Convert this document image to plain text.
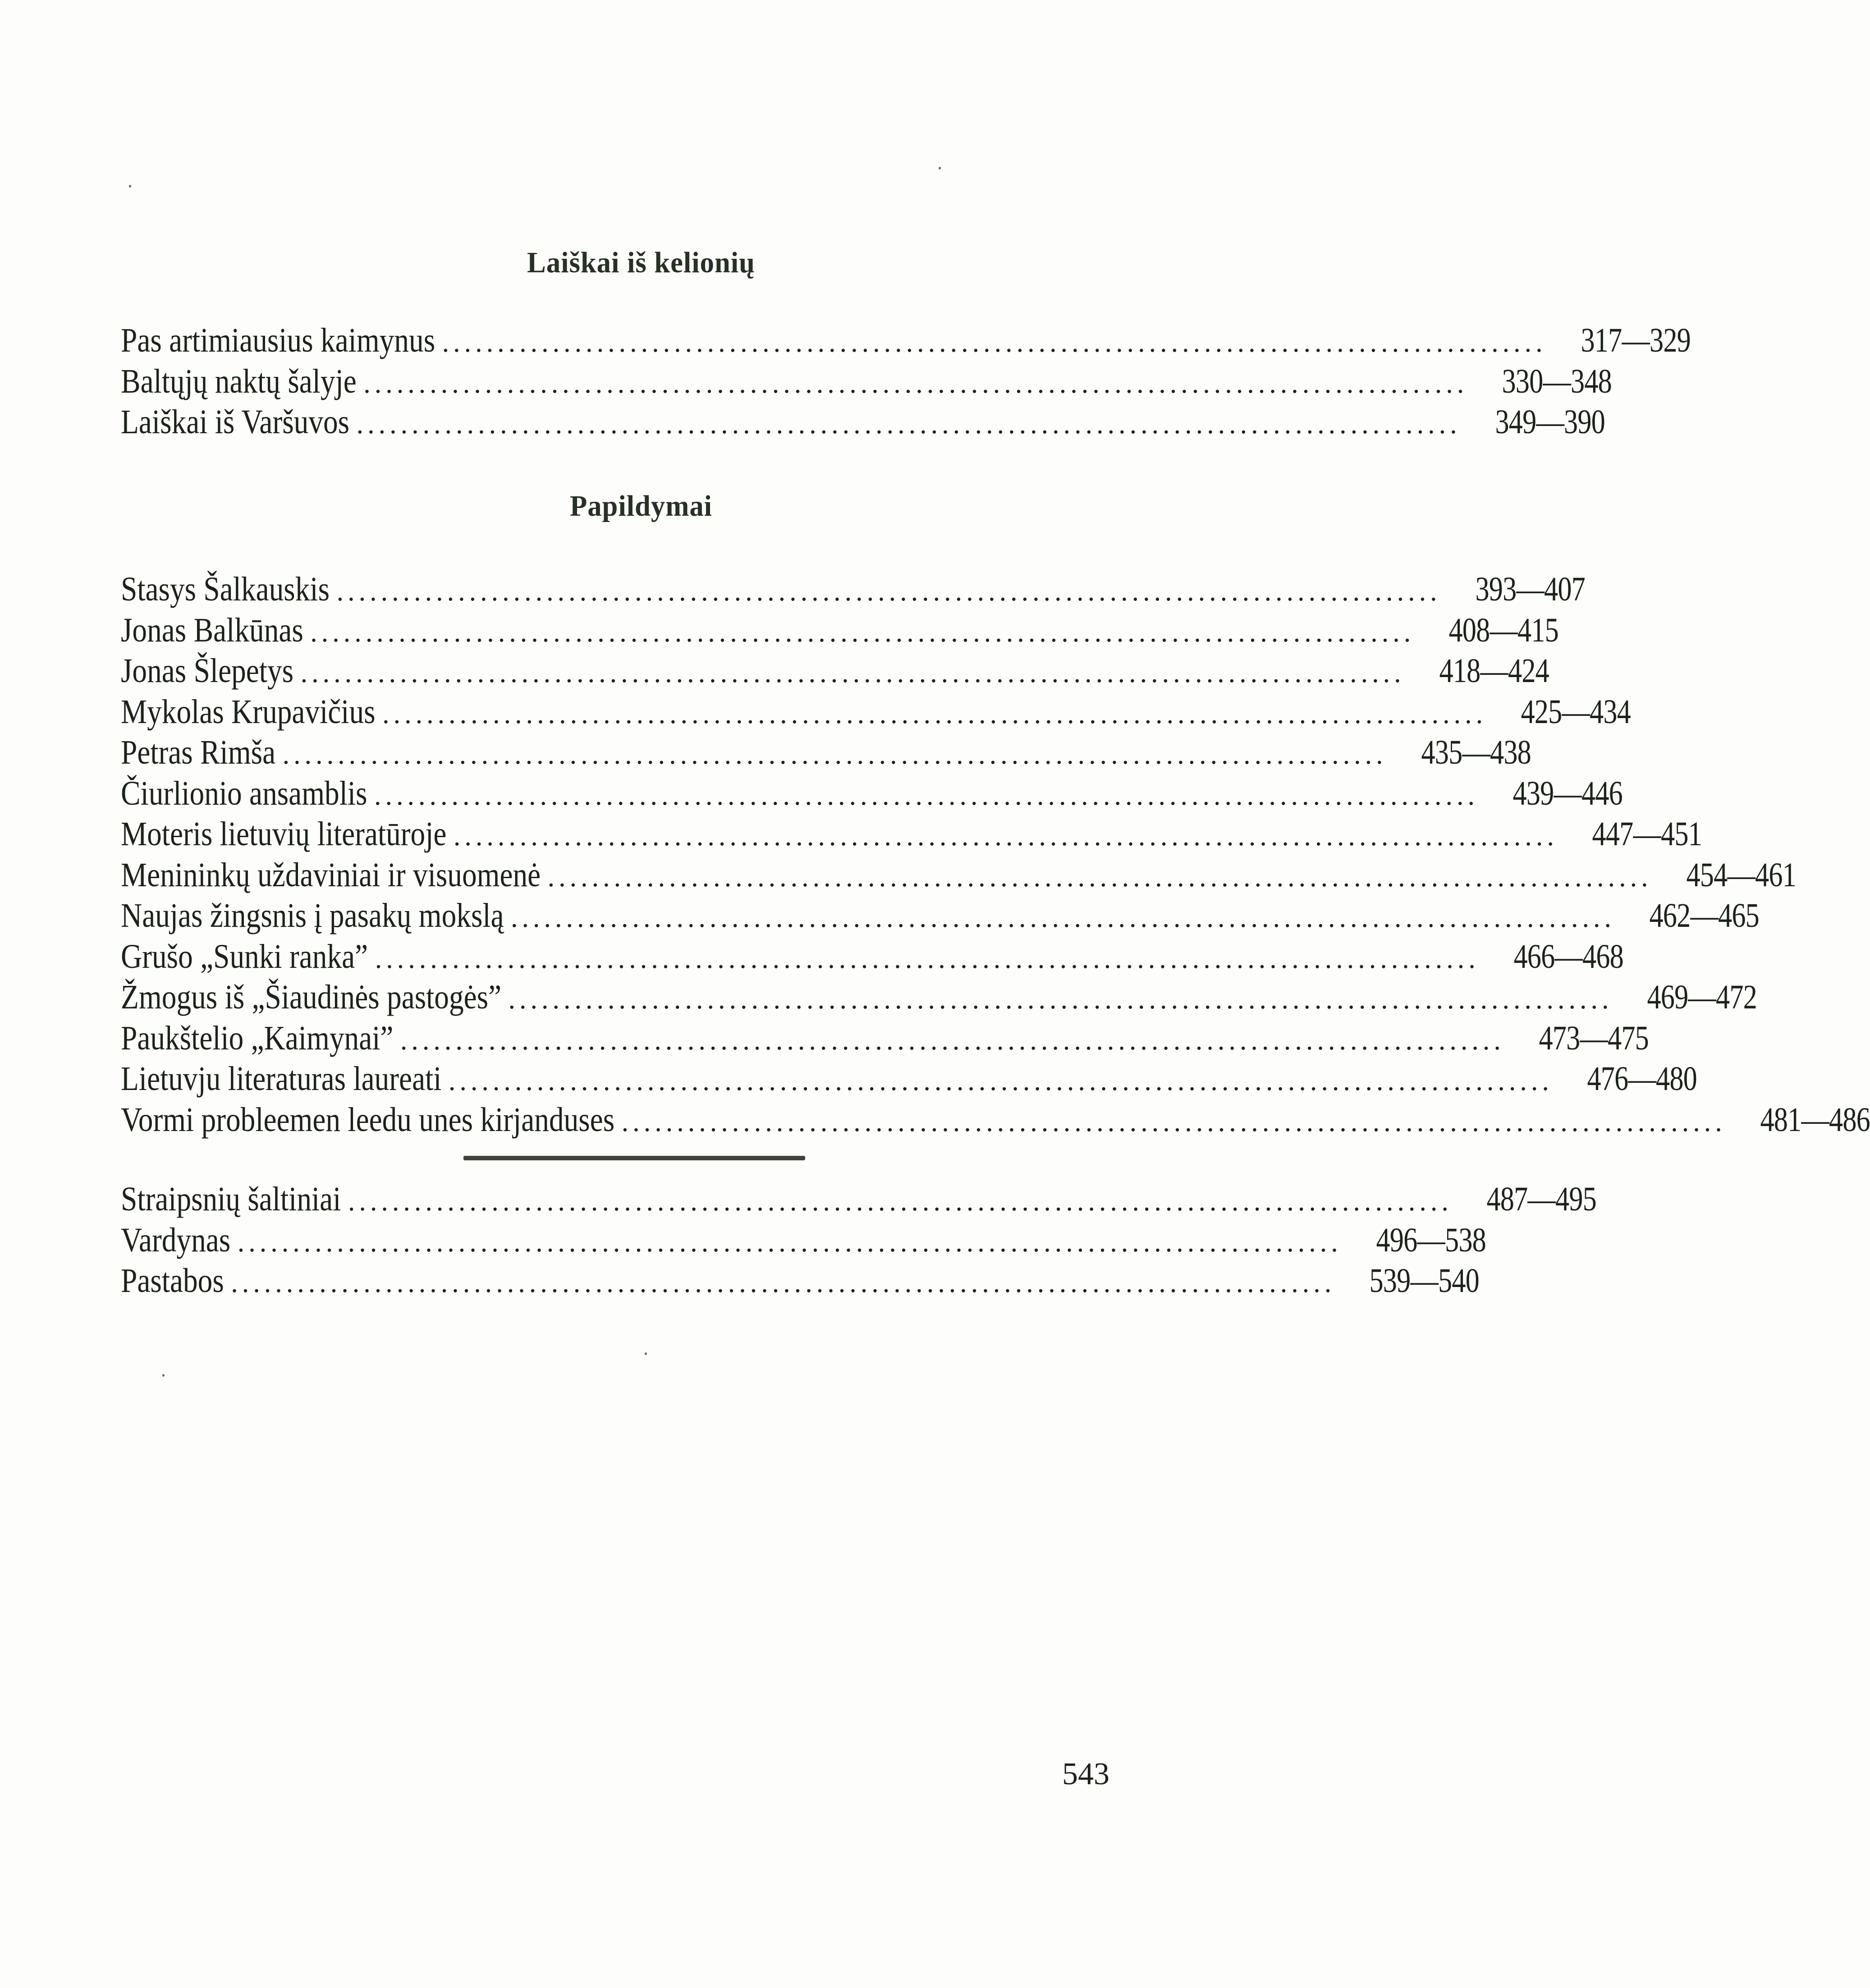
Laiškai iš kelionių
Pas artimiausius kaimynus .................................................................................................... 317—329
Baltųjų naktų šalyje .................................................................................................... 330—348
Laiškai iš Varšuvos .................................................................................................... 349—390
Papildymai
Stasys Šalkauskis .................................................................................................... 393—407
Jonas Balkūnas .................................................................................................... 408—415
Jonas Šlepetys .................................................................................................... 418—424
Mykolas Krupavičius .................................................................................................... 425—434
Petras Rimša .................................................................................................... 435—438
Čiurlionio ansamblis .................................................................................................... 439—446
Moteris lietuvių literatūroje .................................................................................................... 447—451
Menininkų uždaviniai ir visuomenė .................................................................................................... 454—461
Naujas žingsnis į pasakų mokslą .................................................................................................... 462—465
Grušo „Sunki ranka” .................................................................................................... 466—468
Žmogus iš „Šiaudinės pastogės” .................................................................................................... 469—472
Paukštelio „Kaimynai” .................................................................................................... 473—475
Lietuvju literaturas laureati .................................................................................................... 476—480
Vormi probleemen leedu unes kirjanduses .................................................................................................... 481—486
Straipsnių šaltiniai .................................................................................................... 487—495
Vardynas .................................................................................................... 496—538
Pastabos .................................................................................................... 539—540
543
